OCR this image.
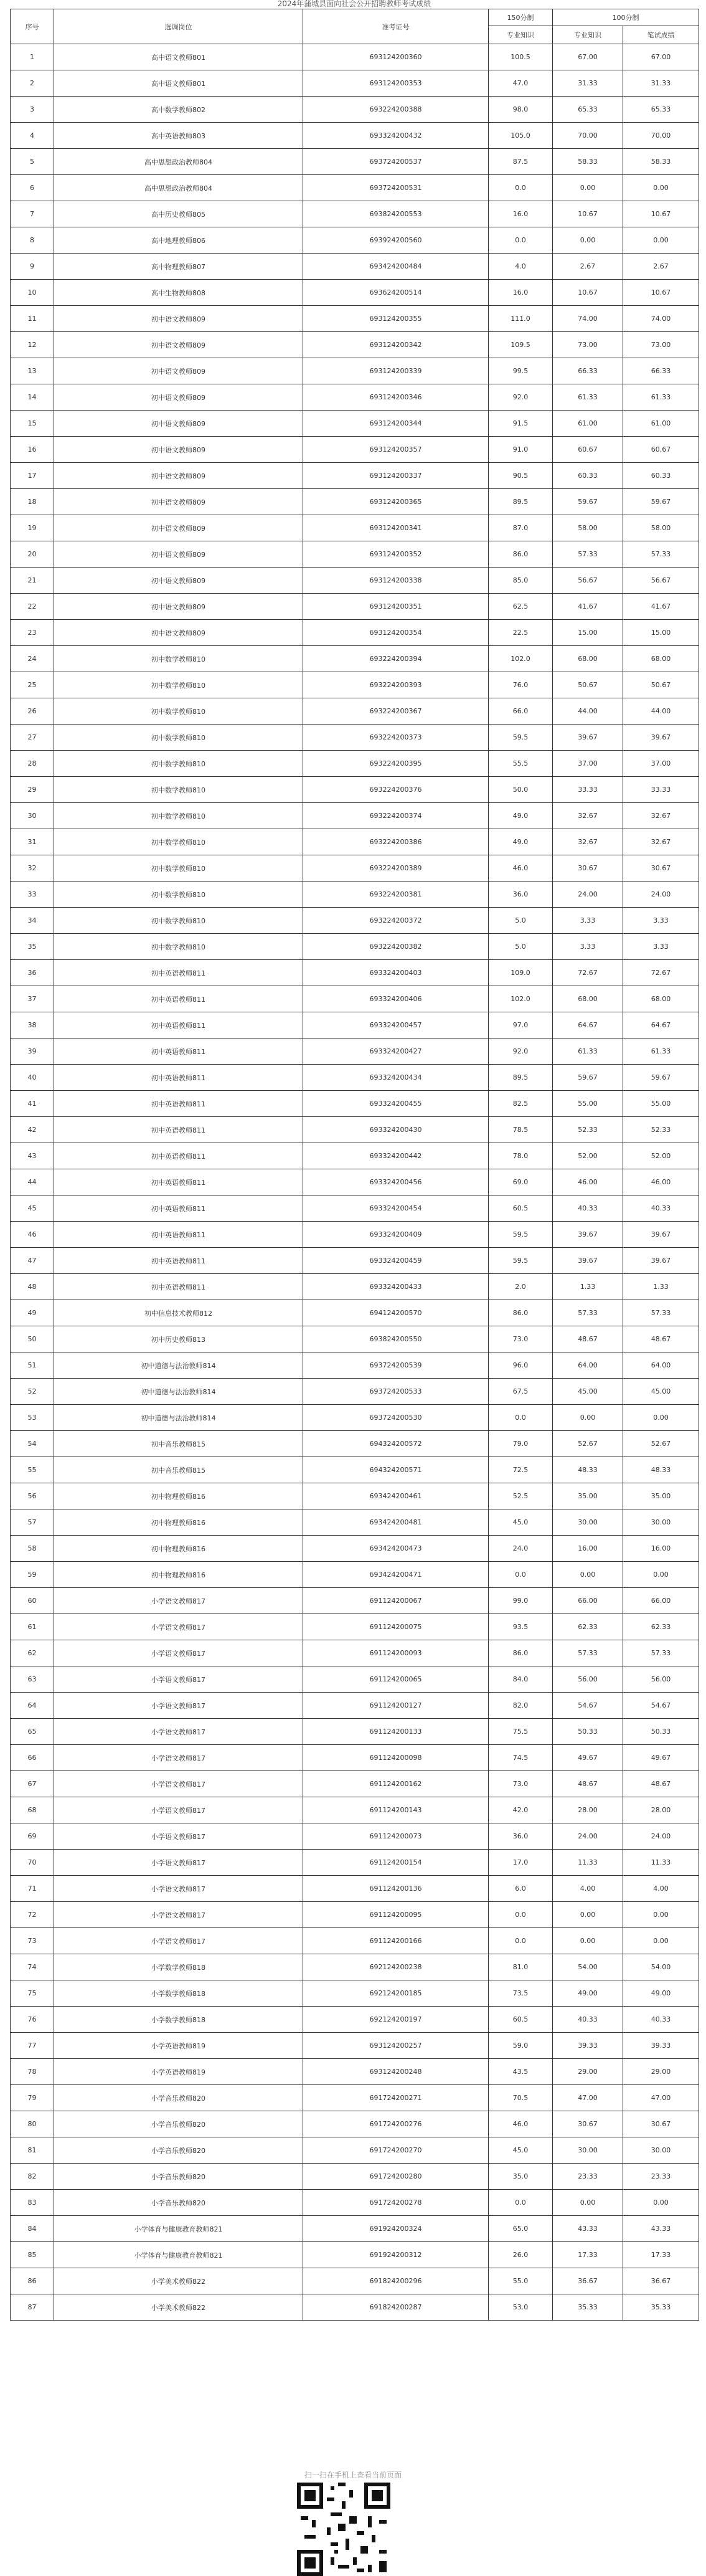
2024年蒲城县面向社会公开招聘教师考试成绩
序号	选调岗位	准考证号	150分制	100分制	
			专业知识	专业知识	笔试成绩
1	高中语文教师801	693124200360	100.5	67.00	67.00
2	高中语文教师801	693124200353	47.0	31.33	31.33
3	高中数学教师802	693224200388	98.0	65.33	65.33
4	高中英语教师803	693324200432	105.0	70.00	70.00
5	高中思想政治教师804	693724200537	87.5	58.33	58.33
6	高中思想政治教师804	693724200531	0.0	0.00	0.00
7	高中历史教师805	693824200553	16.0	10.67	10.67
8	高中地理教师806	693924200560	0.0	0.00	0.00
9	高中物理教师807	693424200484	4.0	2.67	2.67
10	高中生物教师808	693624200514	16.0	10.67	10.67
11	初中语文教师809	693124200355	111.0	74.00	74.00
12	初中语文教师809	693124200342	109.5	73.00	73.00
13	初中语文教师809	693124200339	99.5	66.33	66.33
14	初中语文教师809	693124200346	92.0	61.33	61.33
15	初中语文教师809	693124200344	91.5	61.00	61.00
16	初中语文教师809	693124200357	91.0	60.67	60.67
17	初中语文教师809	693124200337	90.5	60.33	60.33
18	初中语文教师809	693124200365	89.5	59.67	59.67
19	初中语文教师809	693124200341	87.0	58.00	58.00
20	初中语文教师809	693124200352	86.0	57.33	57.33
21	初中语文教师809	693124200338	85.0	56.67	56.67
22	初中语文教师809	693124200351	62.5	41.67	41.67
23	初中语文教师809	693124200354	22.5	15.00	15.00
24	初中数学教师810	693224200394	102.0	68.00	68.00
25	初中数学教师810	693224200393	76.0	50.67	50.67
26	初中数学教师810	693224200367	66.0	44.00	44.00
27	初中数学教师810	693224200373	59.5	39.67	39.67
28	初中数学教师810	693224200395	55.5	37.00	37.00
29	初中数学教师810	693224200376	50.0	33.33	33.33
30	初中数学教师810	693224200374	49.0	32.67	32.67
31	初中数学教师810	693224200386	49.0	32.67	32.67
32	初中数学教师810	693224200389	46.0	30.67	30.67
33	初中数学教师810	693224200381	36.0	24.00	24.00
34	初中数学教师810	693224200372	5.0	3.33	3.33
35	初中数学教师810	693224200382	5.0	3.33	3.33
36	初中英语教师811	693324200403	109.0	72.67	72.67
37	初中英语教师811	693324200406	102.0	68.00	68.00
38	初中英语教师811	693324200457	97.0	64.67	64.67
39	初中英语教师811	693324200427	92.0	61.33	61.33
40	初中英语教师811	693324200434	89.5	59.67	59.67
41	初中英语教师811	693324200455	82.5	55.00	55.00
42	初中英语教师811	693324200430	78.5	52.33	52.33
43	初中英语教师811	693324200442	78.0	52.00	52.00
44	初中英语教师811	693324200456	69.0	46.00	46.00
45	初中英语教师811	693324200454	60.5	40.33	40.33
46	初中英语教师811	693324200409	59.5	39.67	39.67
47	初中英语教师811	693324200459	59.5	39.67	39.67
48	初中英语教师811	693324200433	2.0	1.33	1.33
49	初中信息技术教师812	694124200570	86.0	57.33	57.33
50	初中历史教师813	693824200550	73.0	48.67	48.67
51	初中道德与法治教师814	693724200539	96.0	64.00	64.00
52	初中道德与法治教师814	693724200533	67.5	45.00	45.00
53	初中道德与法治教师814	693724200530	0.0	0.00	0.00
54	初中音乐教师815	694324200572	79.0	52.67	52.67
55	初中音乐教师815	694324200571	72.5	48.33	48.33
56	初中物理教师816	693424200461	52.5	35.00	35.00
57	初中物理教师816	693424200481	45.0	30.00	30.00
58	初中物理教师816	693424200473	24.0	16.00	16.00
59	初中物理教师816	693424200471	0.0	0.00	0.00
60	小学语文教师817	691124200067	99.0	66.00	66.00
61	小学语文教师817	691124200075	93.5	62.33	62.33
62	小学语文教师817	691124200093	86.0	57.33	57.33
63	小学语文教师817	691124200065	84.0	56.00	56.00
64	小学语文教师817	691124200127	82.0	54.67	54.67
65	小学语文教师817	691124200133	75.5	50.33	50.33
66	小学语文教师817	691124200098	74.5	49.67	49.67
67	小学语文教师817	691124200162	73.0	48.67	48.67
68	小学语文教师817	691124200143	42.0	28.00	28.00
69	小学语文教师817	691124200073	36.0	24.00	24.00
70	小学语文教师817	691124200154	17.0	11.33	11.33
71	小学语文教师817	691124200136	6.0	4.00	4.00
72	小学语文教师817	691124200095	0.0	0.00	0.00
73	小学语文教师817	691124200166	0.0	0.00	0.00
74	小学数学教师818	692124200238	81.0	54.00	54.00
75	小学数学教师818	692124200185	73.5	49.00	49.00
76	小学数学教师818	692124200197	60.5	40.33	40.33
77	小学英语教师819	693124200257	59.0	39.33	39.33
78	小学英语教师819	693124200248	43.5	29.00	29.00
79	小学音乐教师820	691724200271	70.5	47.00	47.00
80	小学音乐教师820	691724200276	46.0	30.67	30.67
81	小学音乐教师820	691724200270	45.0	30.00	30.00
82	小学音乐教师820	691724200280	35.0	23.33	23.33
83	小学音乐教师820	691724200278	0.0	0.00	0.00
84	小学体育与健康教育教师821	691924200324	65.0	43.33	43.33
85	小学体育与健康教育教师821	691924200312	26.0	17.33	17.33
86	小学美术教师822	691824200296	55.0	36.67	36.67
87	小学美术教师822	691824200287	53.0	35.33	35.33
扫一扫在手机上查看当前页面
